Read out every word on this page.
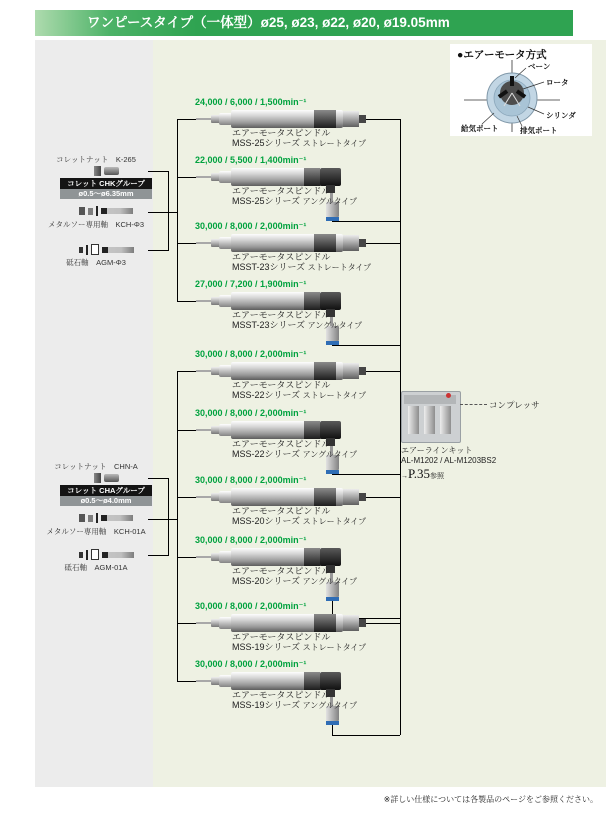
ワンピースタイプ（一体型）ø25, ø23, ø22, ø20, ø19.05mm
●エアーモータ方式
ベーン
ロータ
シリンダ
給気ポート	排気ポート
コレットナット　 K-265
コレット CHKグループ
ø0.5～ø6.35mm
メタルソー専用軸　 KCH-Φ3
砥石軸　 AGM-Φ3
コレットナット　 CHN-A
コレット CHAグループ
ø0.5～ø4.0mm
メタルソー専用軸　 KCH-01A
砥石軸　 AGM-01A
24,000 / 6,000 / 1,500min⁻¹
エアーモータスピンドル
MSS-25シリーズ ストレートタイプ
22,000 / 5,500 / 1,400min⁻¹
エアーモータスピンドル
MSS-25シリーズ アングルタイプ
30,000 / 8,000 / 2,000min⁻¹
エアーモータスピンドル
MSST-23シリーズ ストレートタイプ
27,000 / 7,200 / 1,900min⁻¹
エアーモータスピンドル
MSST-23シリーズ アングルタイプ
30,000 / 8,000 / 2,000min⁻¹
エアーモータスピンドル
MSS-22シリーズ ストレートタイプ
30,000 / 8,000 / 2,000min⁻¹
エアーモータスピンドル
MSS-22シリーズ アングルタイプ
30,000 / 8,000 / 2,000min⁻¹
エアーモータスピンドル
MSS-20シリーズ ストレートタイプ
30,000 / 8,000 / 2,000min⁻¹
エアーモータスピンドル
MSS-20シリーズ アングルタイプ
30,000 / 8,000 / 2,000min⁻¹
エアーモータスピンドル
MSS-19シリーズ ストレートタイプ
30,000 / 8,000 / 2,000min⁻¹
エアーモータスピンドル
MSS-19シリーズ アングルタイプ
コンプレッサ
エアーラインキット
AL-M1202 / AL-M1203BS2
→P.35参照
※詳しい仕様については各製品のページをご参照ください。
